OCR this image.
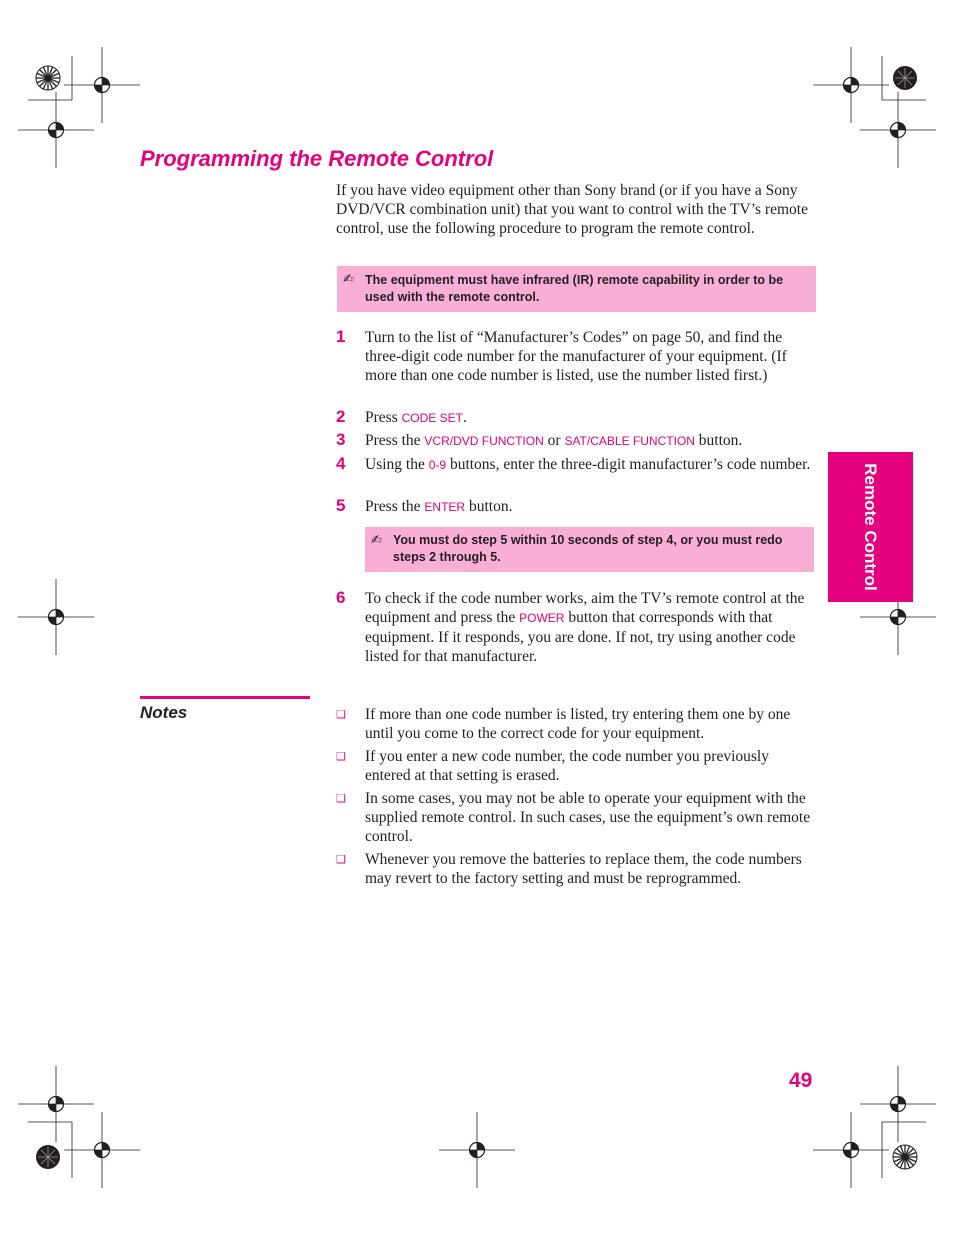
Programming the Remote Control
If you have video equipment other than Sony brand (or if you have a Sony DVD/VCR combination unit) that you want to control with the TV’s remote control, use the following procedure to program the remote control.
✍ The equipment must have infrared (IR) remote capability in order to be used with the remote control.
1 Turn to the list of “Manufacturer’s Codes” on page 50, and find the three-digit code number for the manufacturer of your equipment. (If more than one code number is listed, use the number listed first.)
2 Press CODE SET.
3 Press the VCR/DVD FUNCTION or SAT/CABLE FUNCTION button.
4 Using the 0-9 buttons, enter the three-digit manufacturer’s code number.
5 Press the ENTER button.
✍ You must do step 5 within 10 seconds of step 4, or you must redo steps 2 through 5.
6 To check if the code number works, aim the TV’s remote control at the equipment and press the POWER button that corresponds with that equipment. If it responds, you are done. If not, try using another code listed for that manufacturer.
Remote Control
Notes	❑ If more than one code number is listed, try entering them one by one until you come to the correct code for your equipment.
❑ If you enter a new code number, the code number you previously entered at that setting is erased.
❑ In some cases, you may not be able to operate your equipment with the supplied remote control. In such cases, use the equipment’s own remote control.
❑ Whenever you remove the batteries to replace them, the code numbers may revert to the factory setting and must be reprogrammed.
49
